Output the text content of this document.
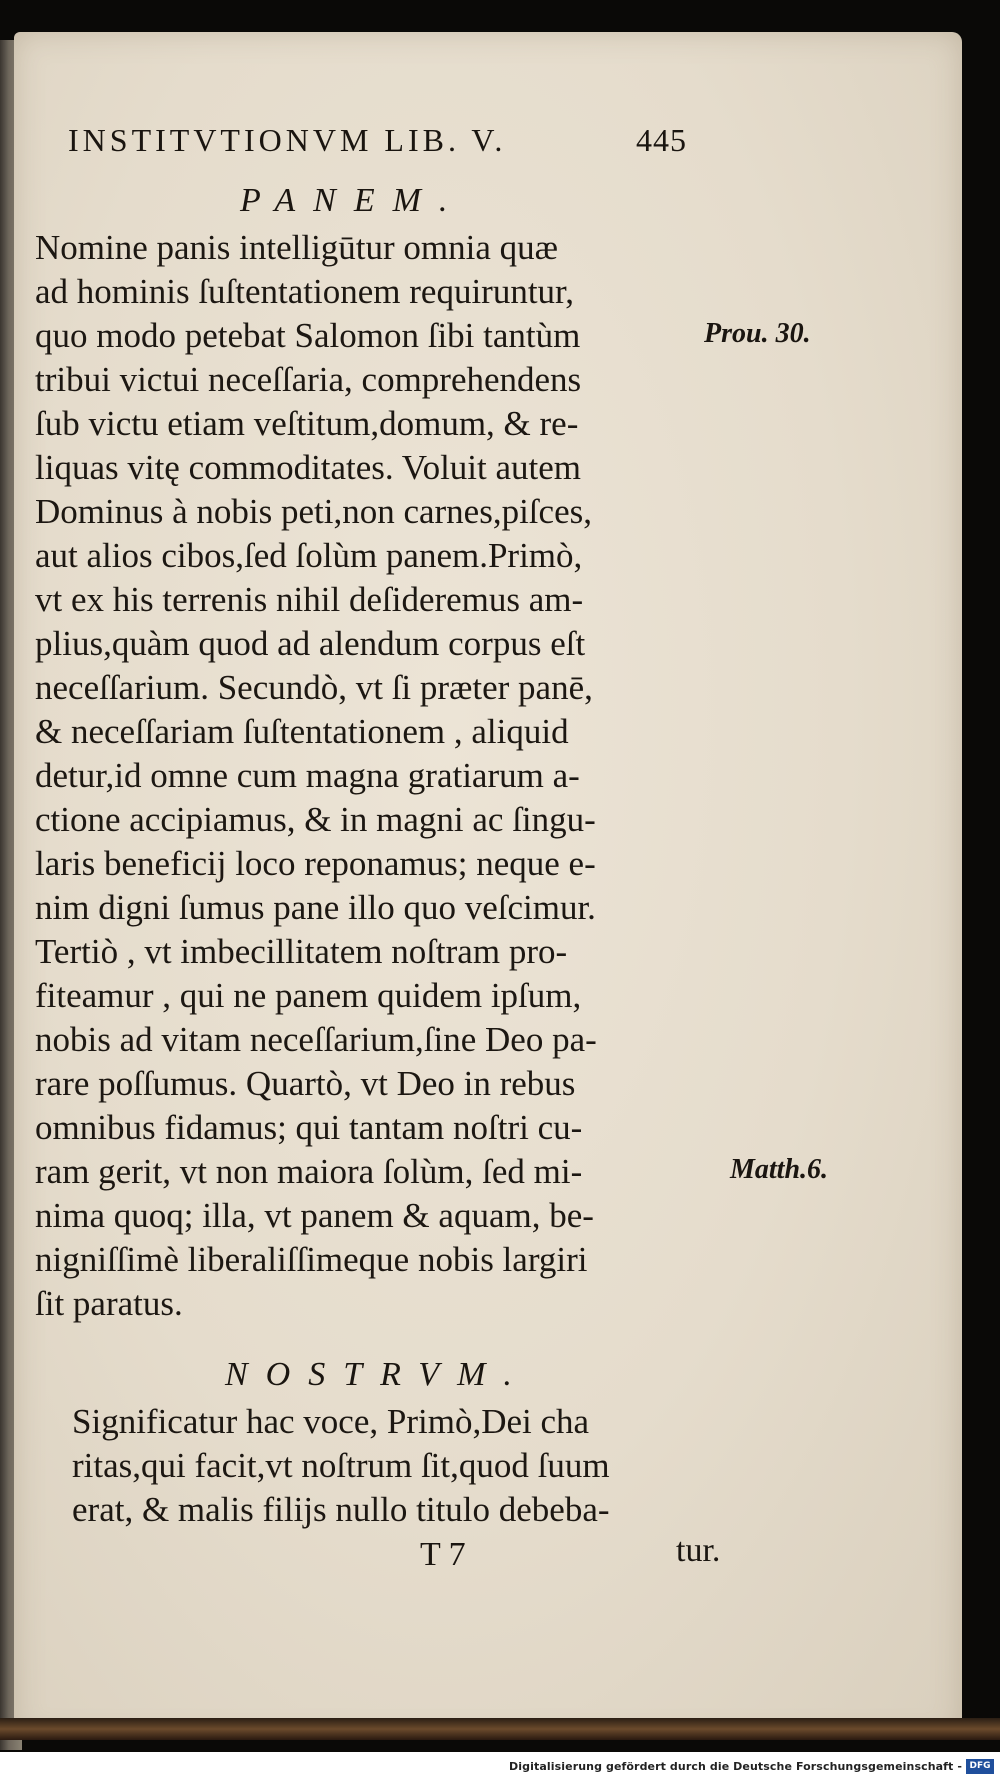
INSTITVTIONVM LIB. V.	445
PANEM.
Nomine panis intelligūtur omnia quæ
ad hominis ſuſtentationem requiruntur,
quo modo petebat Salomon ſibi tantùm
tribui victui neceſſaria, comprehendens
ſub victu etiam veſtitum,domum, & re-
liquas vitę commoditates. Voluit autem
Dominus à nobis peti,non carnes,piſces,
aut alios cibos,ſed ſolùm panem.Primò,
vt ex his terrenis nihil deſideremus am-
plius,quàm quod ad alendum corpus eſt
neceſſarium. Secundò, vt ſi præter panē,
& neceſſariam ſuſtentationem , aliquid
detur,id omne cum magna gratiarum a-
ctione accipiamus, & in magni ac ſingu-
laris beneficij loco reponamus; neque e-
nim digni ſumus pane illo quo veſcimur.
Tertiò , vt imbecillitatem noſtram pro-
fiteamur , qui ne panem quidem ipſum,
nobis ad vitam neceſſarium,ſine Deo pa-
rare poſſumus. Quartò, vt Deo in rebus
omnibus fidamus; qui tantam noſtri cu-
ram gerit, vt non maiora ſolùm, ſed mi-
nima quoq; illa, vt panem & aquam, be-
nigniſſimè liberaliſſimeque nobis largiri
ſit paratus.
NOSTRVM.
Significatur hac voce, Primò,Dei cha
ritas,qui facit,vt noſtrum ſit,quod ſuum
erat, & malis filijs nullo titulo debeba-
T 7	tur.
Prou. 30.
Matth.6.
Digitalisierung gefördert durch die Deutsche Forschungsgemeinschaft - DFG
